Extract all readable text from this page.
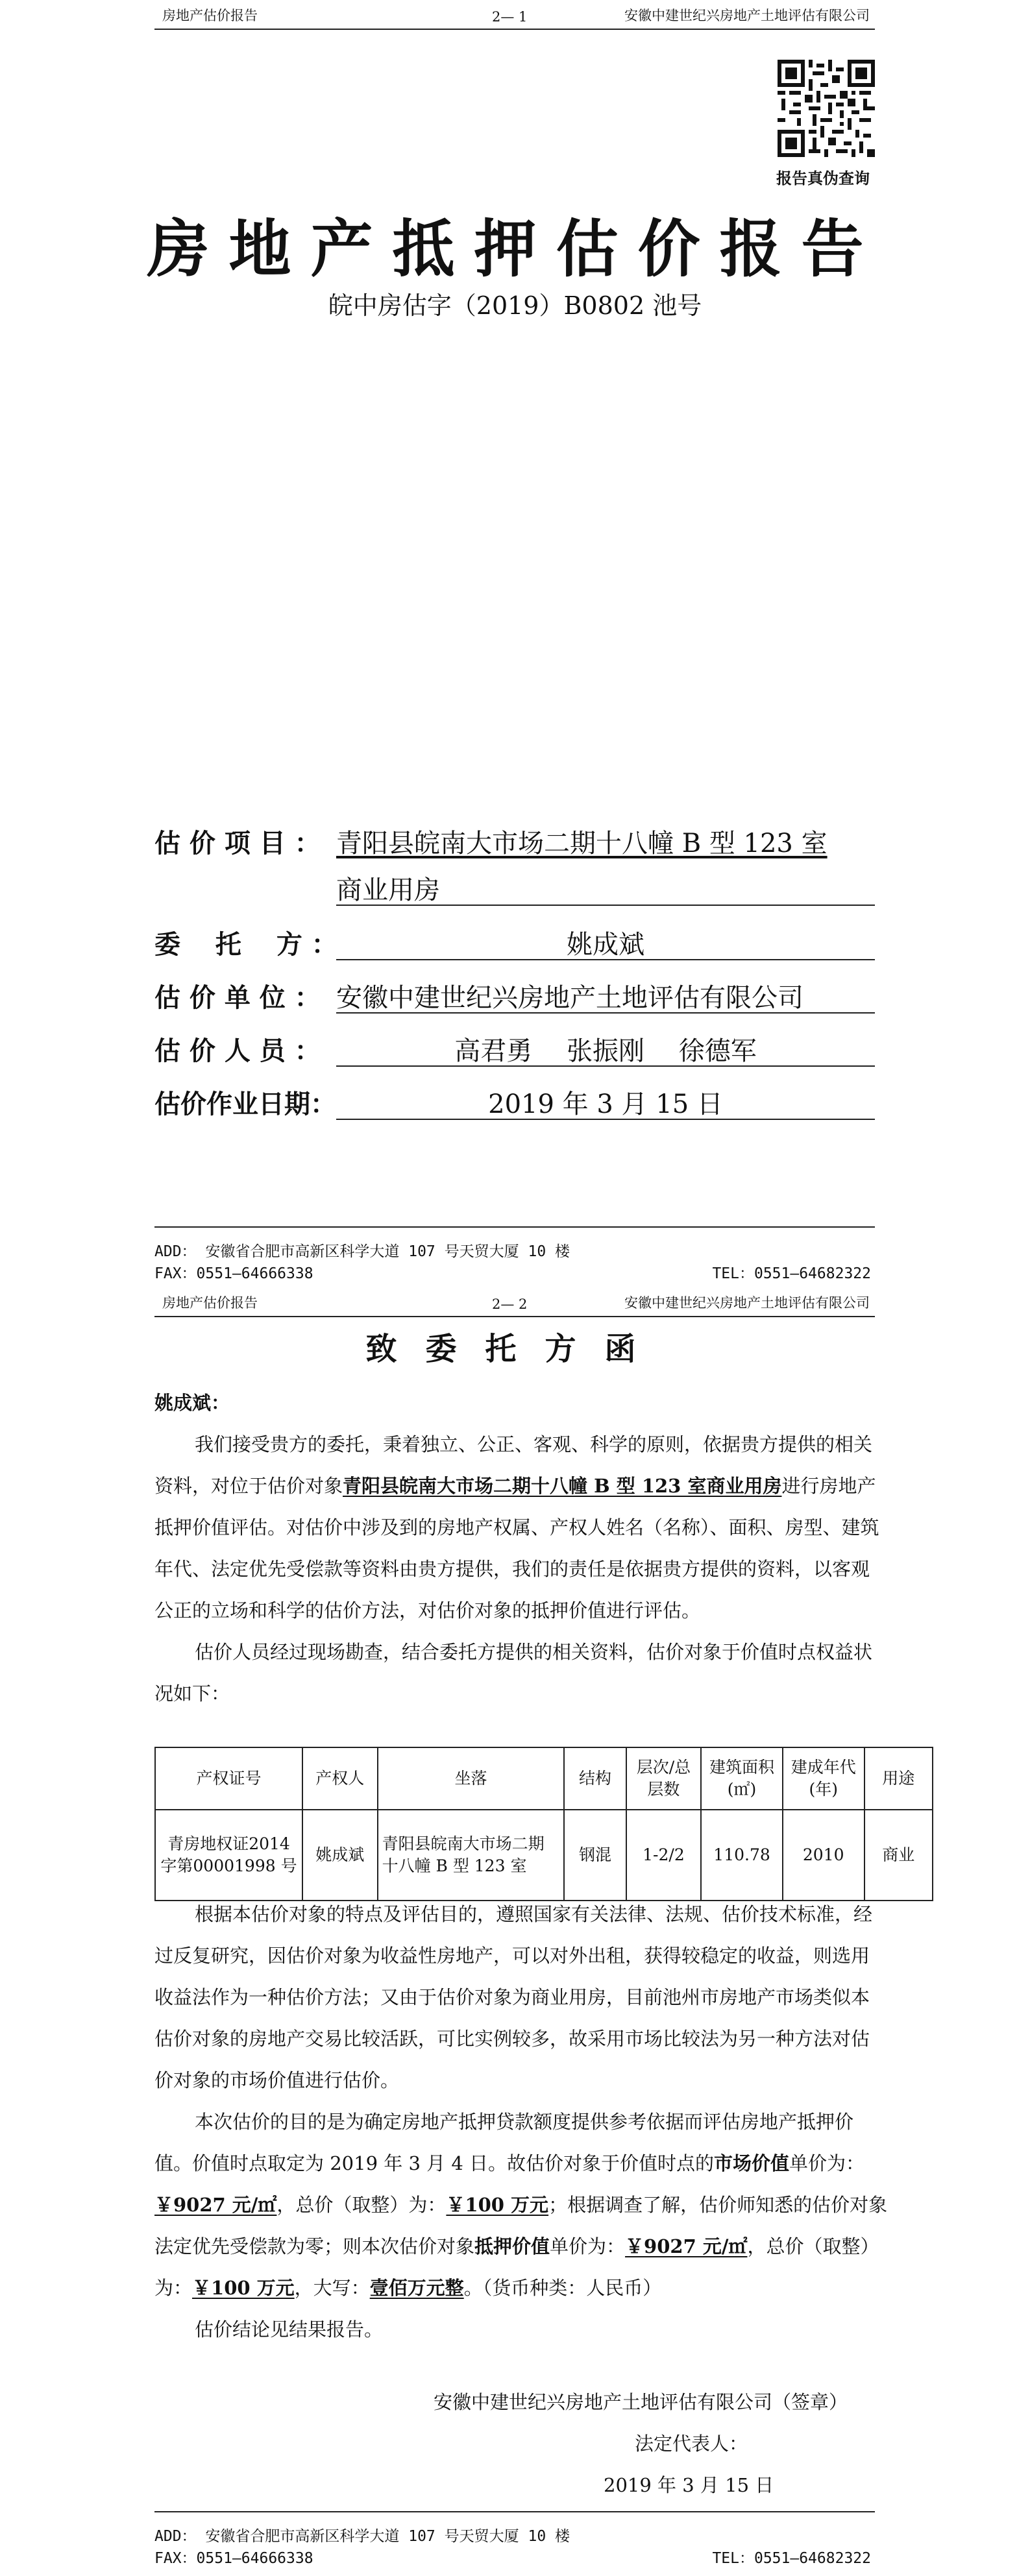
房地产估价报告	2— 1	安徽中建世纪兴房地产土地评估有限公司
报告真伪查询
房地产抵押估价报告
皖中房估字（2019）B0802 池号
估 价 项 目 ： 青阳县皖南大市场二期十八幢 B 型 123 室
商业用房
委　 托　 方 ：	姚成斌
估 价 单 位 ： 安徽中建世纪兴房地产土地评估有限公司
估 价 人 员 ：	高君勇　 张振刚　 徐德军
估价作业日期：	2019 年 3 月 15 日
ADD： 安徽省合肥市高新区科学大道 107 号天贸大厦 10 楼
FAX：0551—64666338	TEL：0551—64682322
房地产估价报告	2— 2	安徽中建世纪兴房地产土地评估有限公司
致委托方函
姚成斌：

我们接受贵方的委托，秉着独立、公正、客观、科学的原则，依据贵方提供的相关资料，对位于估价对象青阳县皖南大市场二期十八幢 B 型 123 室商业用房进行房地产抵押价值评估。对估价中涉及到的房地产权属、产权人姓名（名称）、面积、房型、建筑年代、法定优先受偿款等资料由贵方提供，我们的责任是依据贵方提供的资料，以客观公正的立场和科学的估价方法，对估价对象的抵押价值进行评估。

估价人员经过现场勘查，结合委托方提供的相关资料，估价对象于价值时点权益状况如下：

产权证号	产权人	坐落	结构	层次/总层数	建筑面积(㎡)	建成年代(年)	用途
青房地权证2014 字第00001998 号	姚成斌	青阳县皖南大市场二期十八幢 B 型 123 室	钢混	1-2/2	110.78	2010	商业

根据本估价对象的特点及评估目的，遵照国家有关法律、法规、估价技术标准，经过反复研究，因估价对象为收益性房地产，可以对外出租，获得较稳定的收益，则选用收益法作为一种估价方法；又由于估价对象为商业用房，目前池州市房地产市场类似本估价对象的房地产交易比较活跃，可比实例较多，故采用市场比较法为另一种方法对估价对象的市场价值进行估价。

本次估价的目的是为确定房地产抵押贷款额度提供参考依据而评估房地产抵押价值。价值时点取定为 2019 年 3 月 4 日。故估价对象于价值时点的市场价值单价为：￥9027 元/㎡，总价（取整）为：￥100 万元；根据调查了解，估价师知悉的估价对象法定优先受偿款为零；则本次估价对象抵押价值单价为：￥9027 元/㎡，总价（取整）为：￥100 万元，大写：壹佰万元整。（货币种类：人民币）

估价结论见结果报告。

安徽中建世纪兴房地产土地评估有限公司（签章）
法定代表人：
2019 年 3 月 15 日
ADD： 安徽省合肥市高新区科学大道 107 号天贸大厦 10 楼
FAX：0551—64666338	TEL：0551—64682322
